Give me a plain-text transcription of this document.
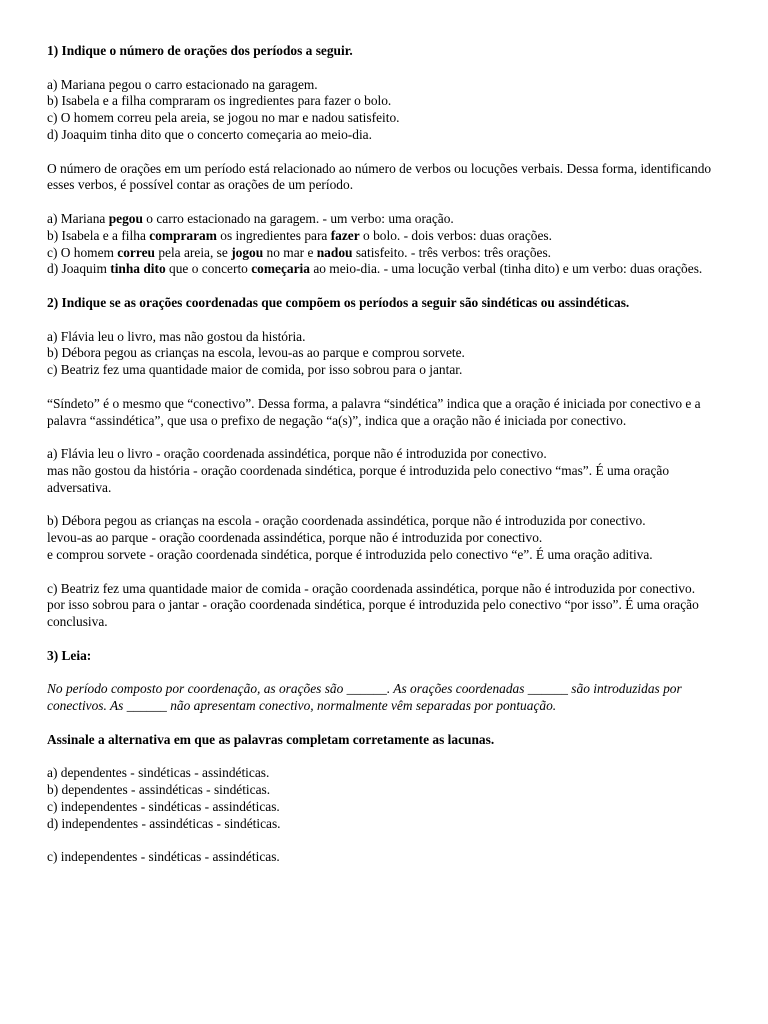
1) Indique o número de orações dos períodos a seguir.

a) Mariana pegou o carro estacionado na garagem.

b) Isabela e a filha compraram os ingredientes para fazer o bolo.

c) O homem correu pela areia, se jogou no mar e nadou satisfeito.

d) Joaquim tinha dito que o concerto começaria ao meio-dia.

O número de orações em um período está relacionado ao número de verbos ou locuções verbais. Dessa forma, identificando esses verbos, é possível contar as orações de um período.

a) Mariana pegou o carro estacionado na garagem. - um verbo: uma oração.

b) Isabela e a filha compraram os ingredientes para fazer o bolo. - dois verbos: duas orações.

c) O homem correu pela areia, se jogou no mar e nadou satisfeito. - três verbos: três orações.

d) Joaquim tinha dito que o concerto começaria ao meio-dia. - uma locução verbal (tinha dito) e um verbo: duas orações.

2) Indique se as orações coordenadas que compõem os períodos a seguir são sindéticas ou assindéticas.

a) Flávia leu o livro, mas não gostou da história.

b) Débora pegou as crianças na escola, levou-as ao parque e comprou sorvete.

c) Beatriz fez uma quantidade maior de comida, por isso sobrou para o jantar.

“Síndeto” é o mesmo que “conectivo”. Dessa forma, a palavra “sindética” indica que a oração é iniciada por conectivo e a palavra “assindética”, que usa o prefixo de negação “a(s)”, indica que a oração não é iniciada por conectivo.

a) Flávia leu o livro - oração coordenada assindética, porque não é introduzida por conectivo.

mas não gostou da história - oração coordenada sindética, porque é introduzida pelo conectivo “mas”. É uma oração adversativa.

b) Débora pegou as crianças na escola - oração coordenada assindética, porque não é introduzida por conectivo.

levou-as ao parque - oração coordenada assindética, porque não é introduzida por conectivo.

e comprou sorvete - oração coordenada sindética, porque é introduzida pelo conectivo “e”. É uma oração aditiva.

c) Beatriz fez uma quantidade maior de comida - oração coordenada assindética, porque não é introduzida por conectivo.

por isso sobrou para o jantar - oração coordenada sindética, porque é introduzida pelo conectivo “por isso”. É uma oração conclusiva.

3) Leia:

No período composto por coordenação, as orações são ______. As orações coordenadas ______ são introduzidas por conectivos. As ______ não apresentam conectivo, normalmente vêm separadas por pontuação.

Assinale a alternativa em que as palavras completam corretamente as lacunas.

a) dependentes - sindéticas - assindéticas.

b) dependentes - assindéticas - sindéticas.

c) independentes - sindéticas - assindéticas.

d) independentes - assindéticas - sindéticas.

c) independentes - sindéticas - assindéticas.
